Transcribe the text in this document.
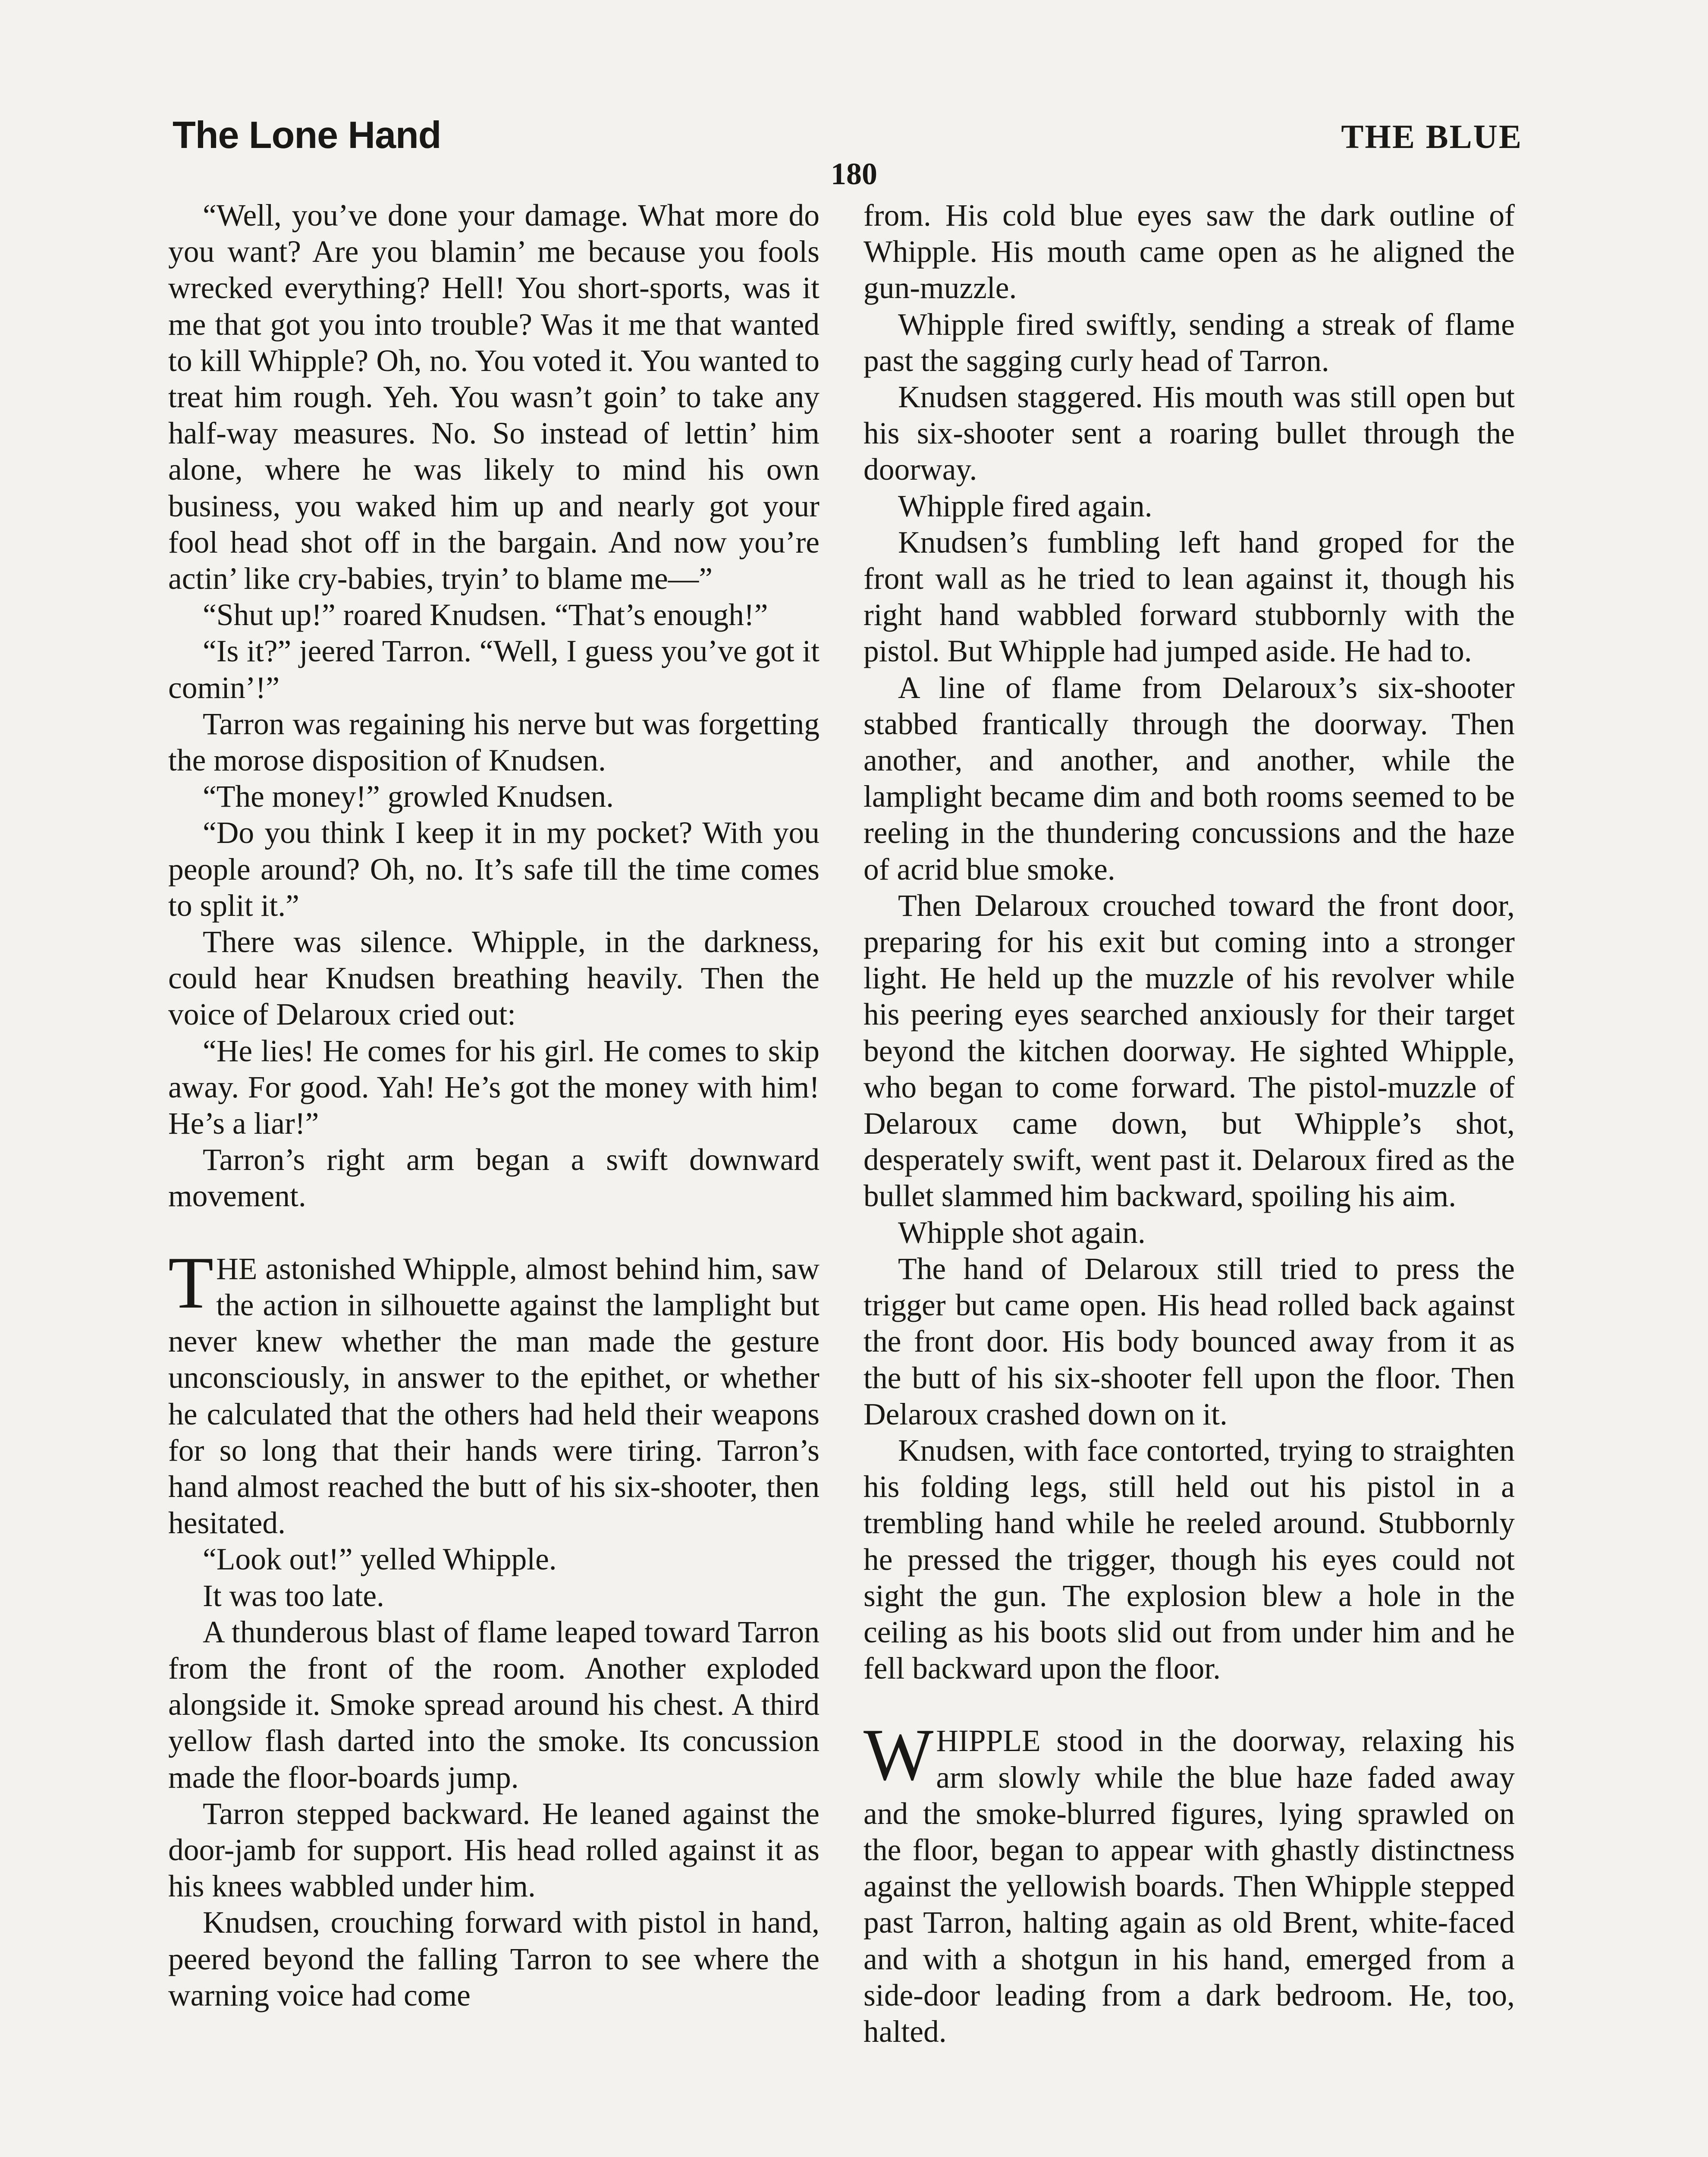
The Lone Hand	THE BLUE
180

“Well, you’ve done your damage. What more do you want? Are you blamin’ me because you fools wrecked everything? Hell! You short-sports, was it me that got you into trouble? Was it me that wanted to kill Whipple? Oh, no. You voted it. You wanted to treat him rough. Yeh. You wasn’t goin’ to take any half-way measures. No. So instead of lettin’ him alone, where he was likely to mind his own business, you waked him up and nearly got your fool head shot off in the bargain. And now you’re actin’ like cry-babies, tryin’ to blame me—”

“Shut up!” roared Knudsen. “That’s enough!”

“Is it?” jeered Tarron. “Well, I guess you’ve got it comin’!”

Tarron was regaining his nerve but was forgetting the morose disposition of Knudsen.

“The money!” growled Knudsen.

“Do you think I keep it in my pocket? With you people around? Oh, no. It’s safe till the time comes to split it.”

There was silence. Whipple, in the darkness, could hear Knudsen breathing heavily. Then the voice of Delaroux cried out:

“He lies! He comes for his girl. He comes to skip away. For good. Yah! He’s got the money with him! He’s a liar!”

Tarron’s right arm began a swift downward movement.

THE astonished Whipple, almost behind him, saw the action in silhouette against the lamplight but never knew whether the man made the gesture unconsciously, in answer to the epithet, or whether he calculated that the others had held their weapons for so long that their hands were tiring. Tarron’s hand almost reached the butt of his six-shooter, then hesitated.

“Look out!” yelled Whipple.

It was too late.

A thunderous blast of flame leaped toward Tarron from the front of the room. Another exploded alongside it. Smoke spread around his chest. A third yellow flash darted into the smoke. Its concussion made the floor-boards jump.

Tarron stepped backward. He leaned against the door-jamb for support. His head rolled against it as his knees wabbled under him.

Knudsen, crouching forward with pistol in hand, peered beyond the falling Tarron to see where the warning voice had come

from. His cold blue eyes saw the dark outline of Whipple. His mouth came open as he aligned the gun-muzzle.

Whipple fired swiftly, sending a streak of flame past the sagging curly head of Tarron.

Knudsen staggered. His mouth was still open but his six-shooter sent a roaring bullet through the doorway.

Whipple fired again.

Knudsen’s fumbling left hand groped for the front wall as he tried to lean against it, though his right hand wabbled forward stubbornly with the pistol. But Whipple had jumped aside. He had to.

A line of flame from Delaroux’s six-shooter stabbed frantically through the doorway. Then another, and another, and another, while the lamplight became dim and both rooms seemed to be reeling in the thundering concussions and the haze of acrid blue smoke.

Then Delaroux crouched toward the front door, preparing for his exit but coming into a stronger light. He held up the muzzle of his revolver while his peering eyes searched anxiously for their target beyond the kitchen doorway. He sighted Whipple, who began to come forward. The pistol-muzzle of Delaroux came down, but Whipple’s shot, desperately swift, went past it. Delaroux fired as the bullet slammed him backward, spoiling his aim.

Whipple shot again.

The hand of Delaroux still tried to press the trigger but came open. His head rolled back against the front door. His body bounced away from it as the butt of his six-shooter fell upon the floor. Then Delaroux crashed down on it.

Knudsen, with face contorted, trying to straighten his folding legs, still held out his pistol in a trembling hand while he reeled around. Stubbornly he pressed the trigger, though his eyes could not sight the gun. The explosion blew a hole in the ceiling as his boots slid out from under him and he fell backward upon the floor.

WHIPPLE stood in the doorway, relaxing his arm slowly while the blue haze faded away and the smoke-blurred figures, lying sprawled on the floor, began to appear with ghastly distinctness against the yellowish boards. Then Whipple stepped past Tarron, halting again as old Brent, white-faced and with a shotgun in his hand, emerged from a side-door leading from a dark bedroom. He, too, halted.
